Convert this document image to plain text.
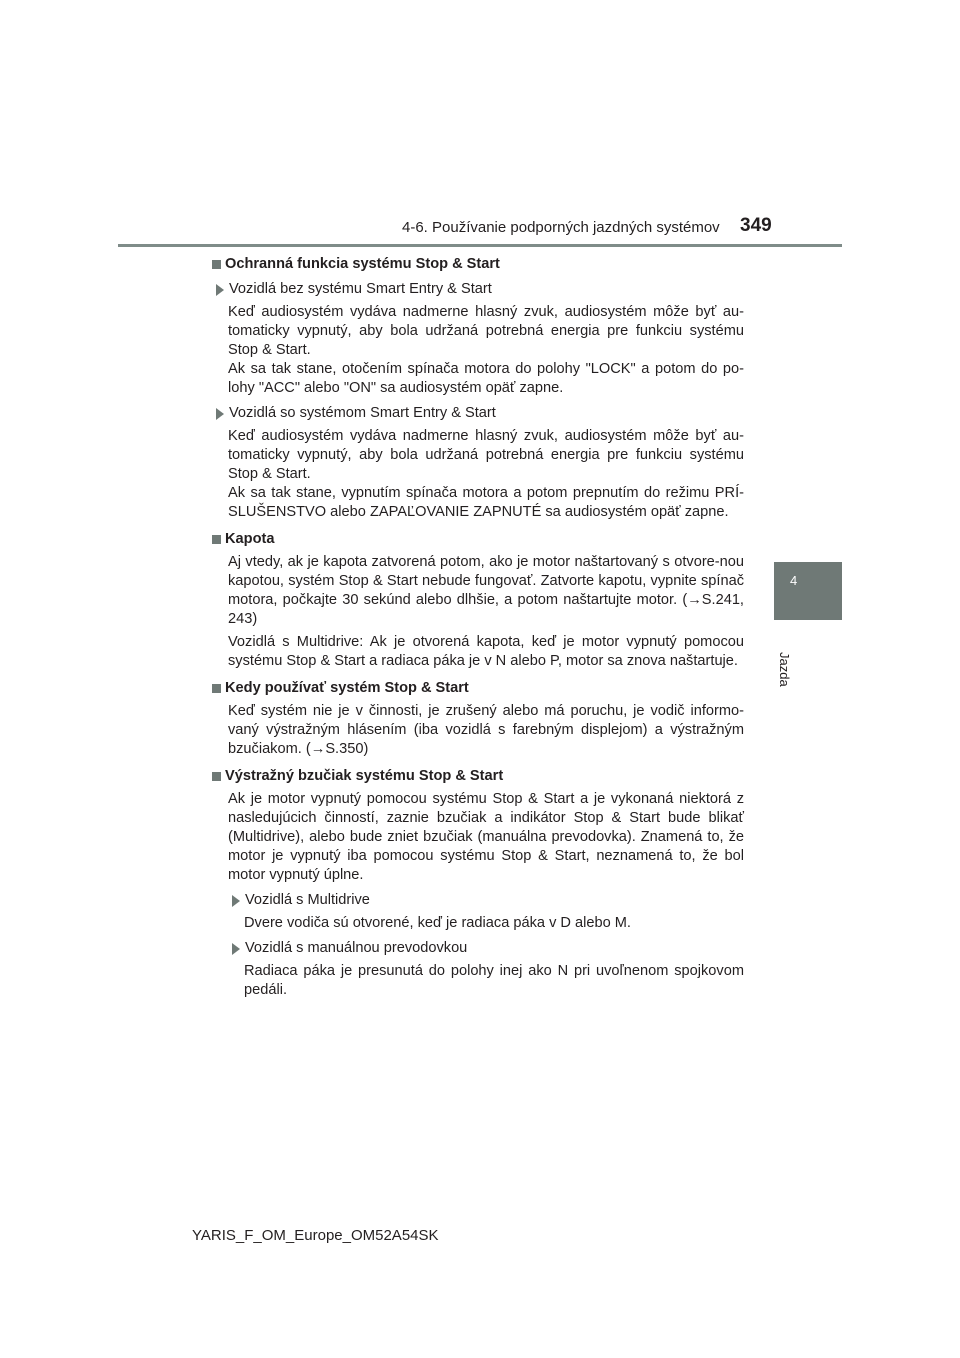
4-6. Používanie podporných jazdných systémov 349
4
Jazda

Ochranná funkcia systému Stop & Start

Vozidlá bez systému Smart Entry & Start

Keď audiosystém vydáva nadmerne hlasný zvuk, audiosystém môže byť au-tomaticky vypnutý, aby bola udržaná potrebná energia pre funkciu systému Stop & Start.

Ak sa tak stane, otočením spínača motora do polohy "LOCK" a potom do po-lohy "ACC" alebo "ON" sa audiosystém opäť zapne.

Vozidlá so systémom Smart Entry & Start

Keď audiosystém vydáva nadmerne hlasný zvuk, audiosystém môže byť au-tomaticky vypnutý, aby bola udržaná potrebná energia pre funkciu systému Stop & Start.

Ak sa tak stane, vypnutím spínača motora a potom prepnutím do režimu PRÍ-SLUŠENSTVO alebo ZAPAĽOVANIE ZAPNUTÉ sa audiosystém opäť zapne.

Kapota

Aj vtedy, ak je kapota zatvorená potom, ako je motor naštartovaný s otvore-nou kapotou, systém Stop & Start nebude fungovať. Zatvorte kapotu, vypnite spínač motora, počkajte 30 sekúnd alebo dlhšie, a potom naštartujte motor. (→S.241, 243)

Vozidlá s Multidrive: Ak je otvorená kapota, keď je motor vypnutý pomocou systému Stop & Start a radiaca páka je v N alebo P, motor sa znova naštartuje.

Kedy používať systém Stop & Start

Keď systém nie je v činnosti, je zrušený alebo má poruchu, je vodič informo-vaný výstražným hlásením (iba vozidlá s farebným displejom) a výstražným bzučiakom. (→S.350)

Výstražný bzučiak systému Stop & Start

Ak je motor vypnutý pomocou systému Stop & Start a je vykonaná niektorá z nasledujúcich činností, zaznie bzučiak a indikátor Stop & Start bude blikať (Multidrive), alebo bude zniet bzučiak (manuálna prevodovka). Znamená to, že motor je vypnutý iba pomocou systému Stop & Start, neznamená to, že bol motor vypnutý úplne.

Vozidlá s Multidrive

Dvere vodiča sú otvorené, keď je radiaca páka v D alebo M.

Vozidlá s manuálnou prevodovkou

Radiaca páka je presunutá do polohy inej ako N pri uvoľnenom spojkovom pedáli.

YARIS_F_OM_Europe_OM52A54SK
